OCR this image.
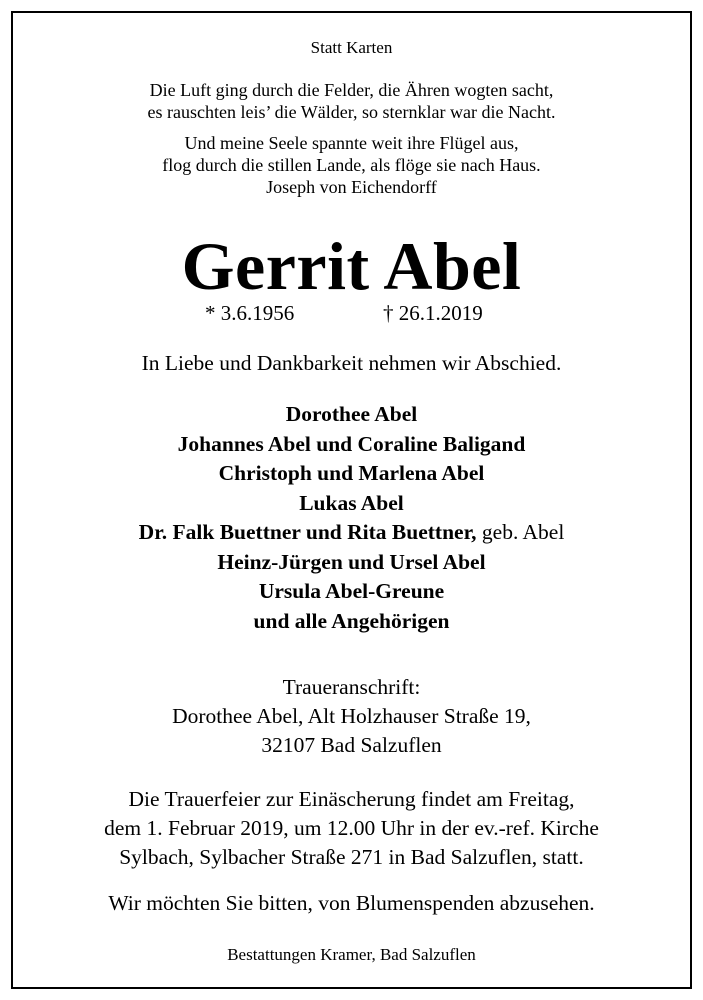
Statt Karten

Die Luft ging durch die Felder, die Ähren wogten sacht,
es rauschten leis’ die Wälder, so sternklar war die Nacht.
Und meine Seele spannte weit ihre Flügel aus,
flog durch die stillen Lande, als flöge sie nach Haus.
Joseph von Eichendorff
Gerrit Abel
* 3.6.1956	† 26.1.2019

In Liebe und Dankbarkeit nehmen wir Abschied.

Dorothee Abel
Johannes Abel und Coraline Baligand
Christoph und Marlena Abel
Lukas Abel
Dr. Falk Buettner und Rita Buettner, geb. Abel
Heinz-Jürgen und Ursel Abel
Ursula Abel-Greune
und alle Angehörigen
Traueranschrift:
Dorothee Abel, Alt Holzhauser Straße 19,
32107 Bad Salzuflen
Die Trauerfeier zur Einäscherung findet am Freitag,
dem 1. Februar 2019, um 12.00 Uhr in der ev.-ref. Kirche
Sylbach, Sylbacher Straße 271 in Bad Salzuflen, statt.

Wir möchten Sie bitten, von Blumenspenden abzusehen.

Bestattungen Kramer, Bad Salzuflen
